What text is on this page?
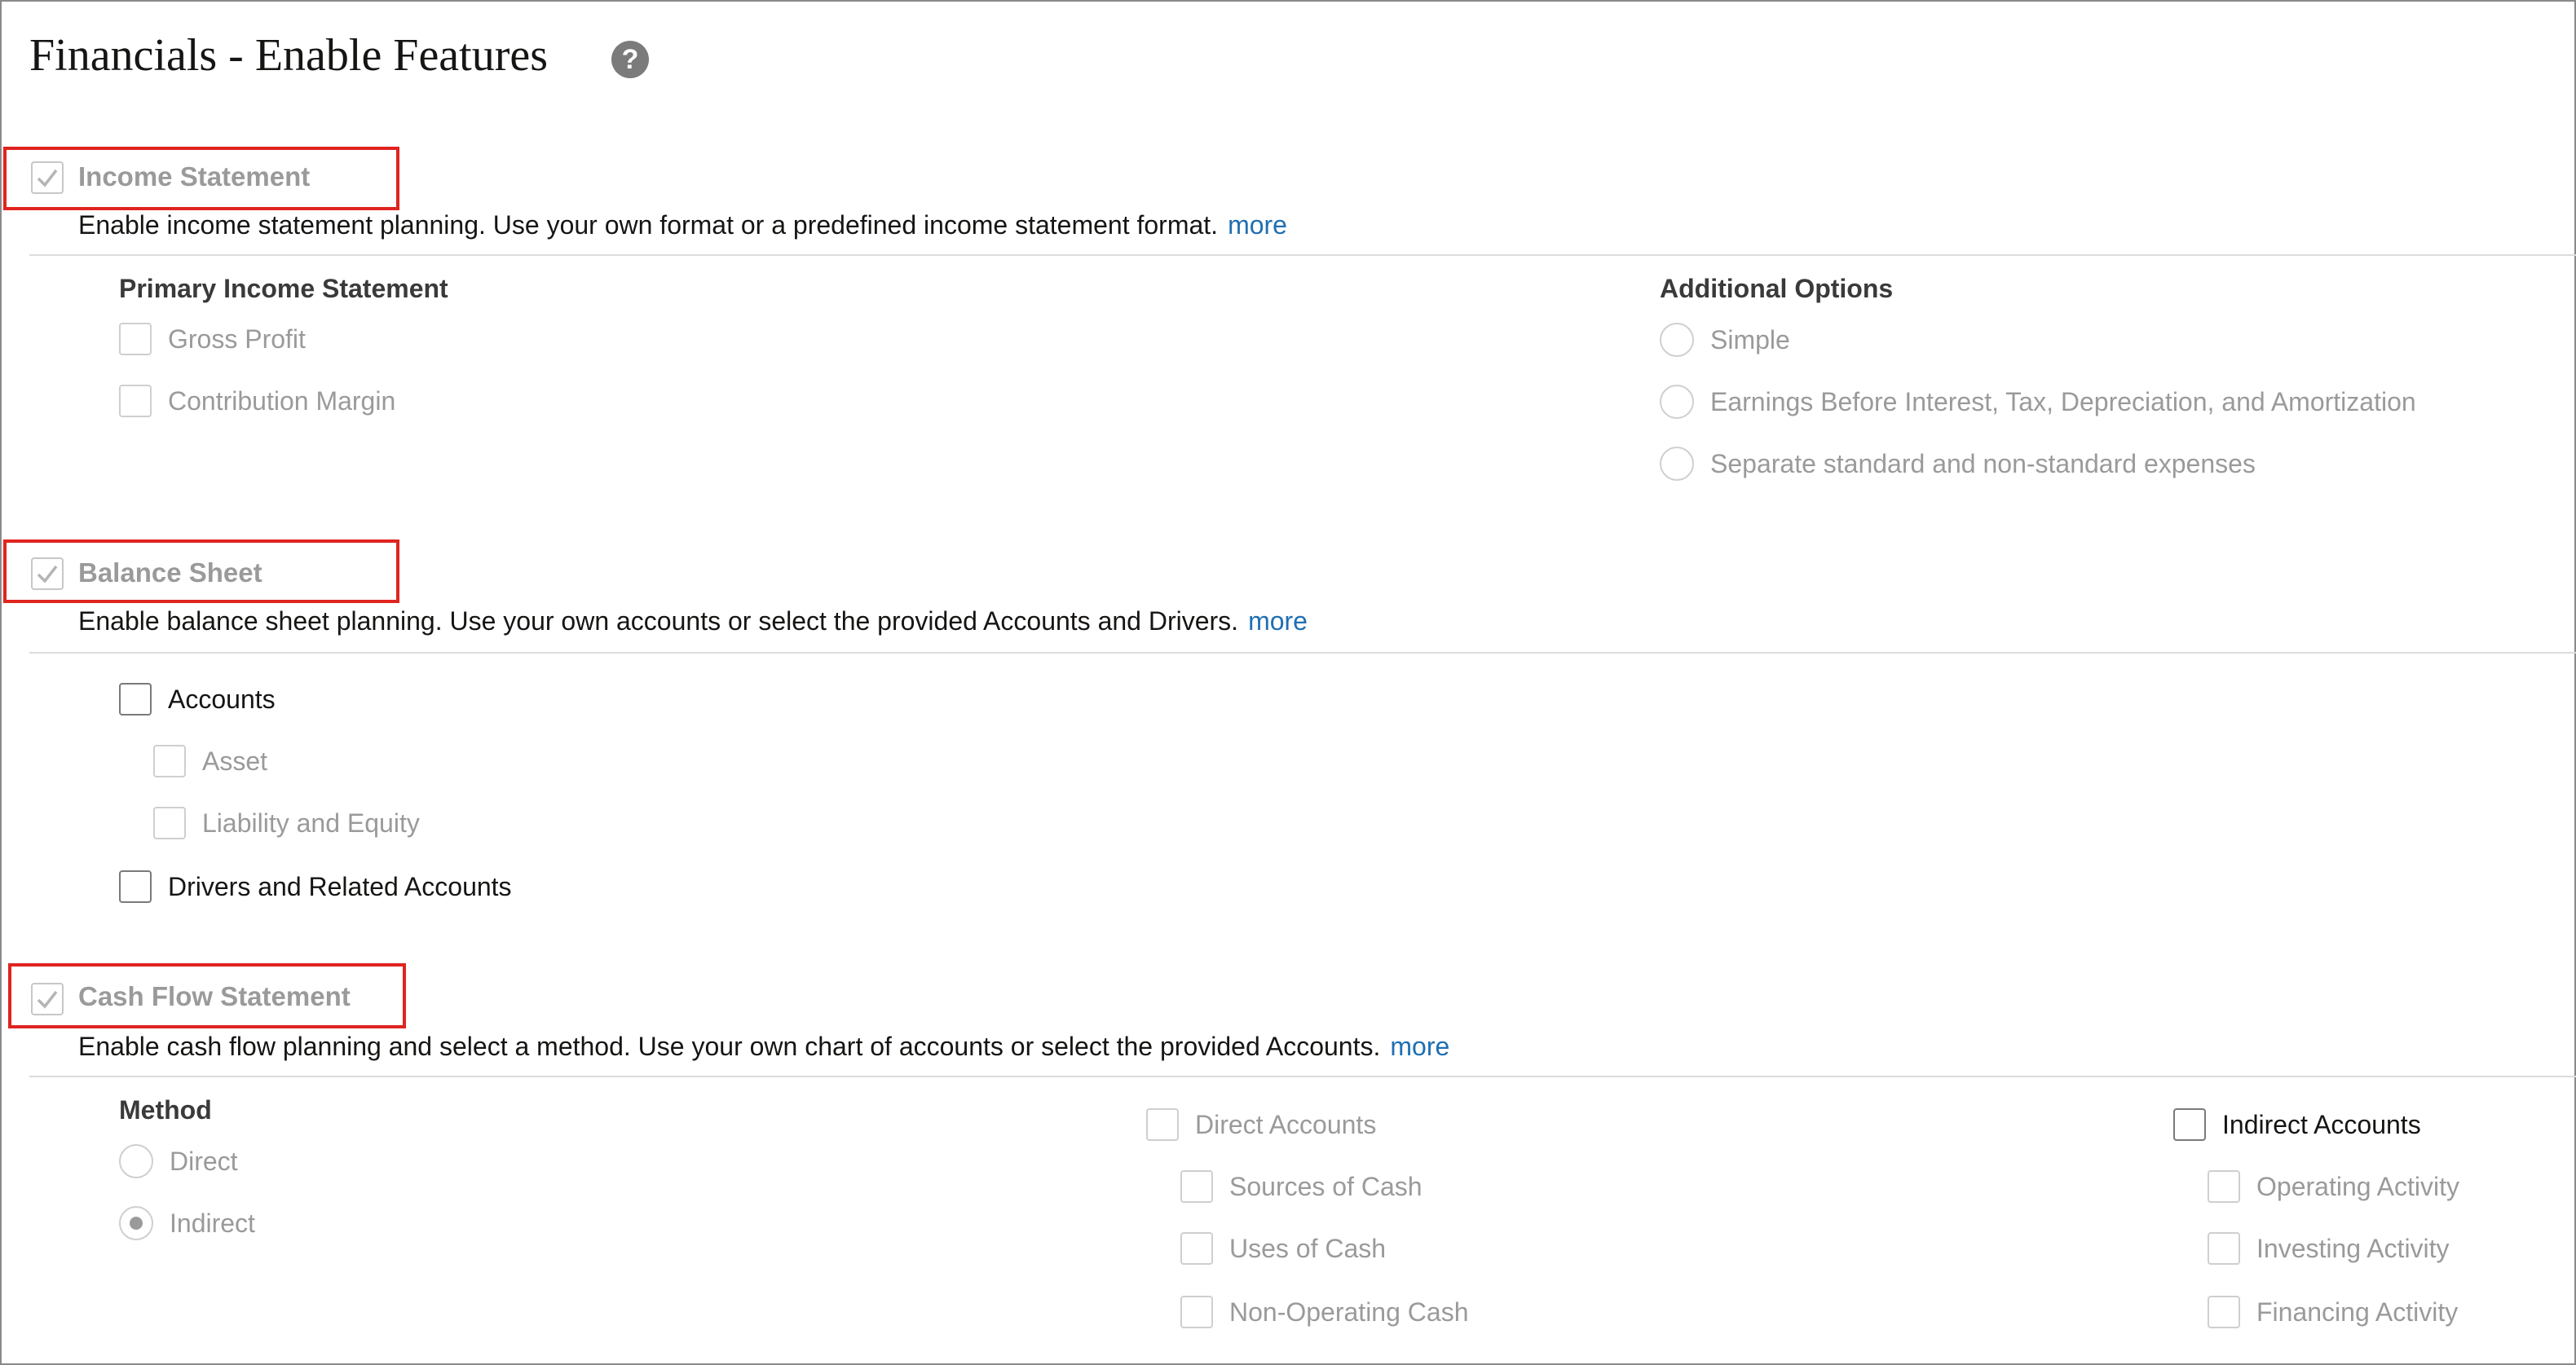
Financials - Enable Features	?
Income Statement
Enable income statement planning. Use your own format or a predefined income statement format. more
Primary Income Statement
Gross Profit
Contribution Margin
Additional Options
Simple
Earnings Before Interest, Tax, Depreciation, and Amortization
Separate standard and non-standard expenses
Balance Sheet
Enable balance sheet planning. Use your own accounts or select the provided Accounts and Drivers. more
Accounts
Asset
Liability and Equity
Drivers and Related Accounts
Cash Flow Statement
Enable cash flow planning and select a method. Use your own chart of accounts or select the provided Accounts. more
Method
Direct
Indirect
Direct Accounts
Sources of Cash
Uses of Cash
Non-Operating Cash
Indirect Accounts
Operating Activity
Investing Activity
Financing Activity
